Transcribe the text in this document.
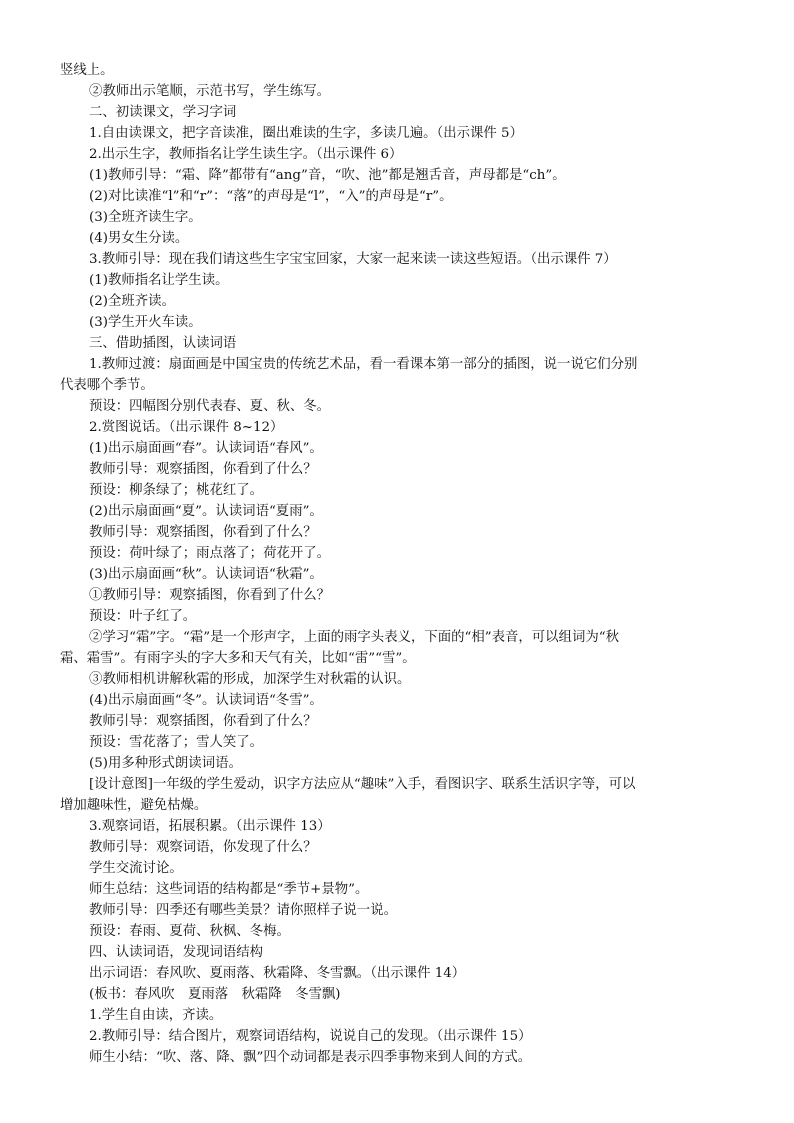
竖线上。
②教师出示笔顺，示范书写，学生练写。
二、初读课文，学习字词
1.自由读课文，把字音读准，圈出难读的生字，多读几遍。（出示课件 5）
2.出示生字，教师指名让学生读生字。（出示课件 6）
(1)教师引导：“霜、降”都带有“ang”音，“吹、池”都是翘舌音，声母都是“ch”。
(2)对比读准“l”和“r”：“落”的声母是“l”，“入”的声母是“r”。
(3)全班齐读生字。
(4)男女生分读。
3.教师引导：现在我们请这些生字宝宝回家，大家一起来读一读这些短语。（出示课件 7）
(1)教师指名让学生读。
(2)全班齐读。
(3)学生开火车读。
三、借助插图，认读词语
1.教师过渡：扇面画是中国宝贵的传统艺术品，看一看课本第一部分的插图，说一说它们分别
代表哪个季节。
预设：四幅图分别代表春、夏、秋、冬。
2.赏图说话。（出示课件 8~12）
(1)出示扇面画“春”。认读词语“春风”。
教师引导：观察插图，你看到了什么？
预设：柳条绿了；桃花红了。
(2)出示扇面画“夏”。认读词语“夏雨”。
教师引导：观察插图，你看到了什么？
预设：荷叶绿了；雨点落了；荷花开了。
(3)出示扇面画“秋”。认读词语“秋霜”。
①教师引导：观察插图，你看到了什么？
预设：叶子红了。
②学习“霜”字。“霜”是一个形声字，上面的雨字头表义，下面的“相”表音，可以组词为“秋
霜、霜雪”。有雨字头的字大多和天气有关，比如“雷”“雪”。
③教师相机讲解秋霜的形成，加深学生对秋霜的认识。
(4)出示扇面画“冬”。认读词语“冬雪”。
教师引导：观察插图，你看到了什么？
预设：雪花落了；雪人笑了。
(5)用多种形式朗读词语。
[设计意图]一年级的学生爱动，识字方法应从“趣味”入手，看图识字、联系生活识字等，可以
增加趣味性，避免枯燥。
3.观察词语，拓展积累。（出示课件 13）
教师引导：观察词语，你发现了什么？
学生交流讨论。
师生总结：这些词语的结构都是“季节+景物”。
教师引导：四季还有哪些美景？请你照样子说一说。
预设：春雨、夏荷、秋枫、冬梅。
四、认读词语，发现词语结构
出示词语：春风吹、夏雨落、秋霜降、冬雪飘。（出示课件 14）
(板书：春风吹　夏雨落　秋霜降　冬雪飘)
1.学生自由读，齐读。
2.教师引导：结合图片，观察词语结构，说说自己的发现。（出示课件 15）
师生小结：“吹、落、降、飘”四个动词都是表示四季事物来到人间的方式。
